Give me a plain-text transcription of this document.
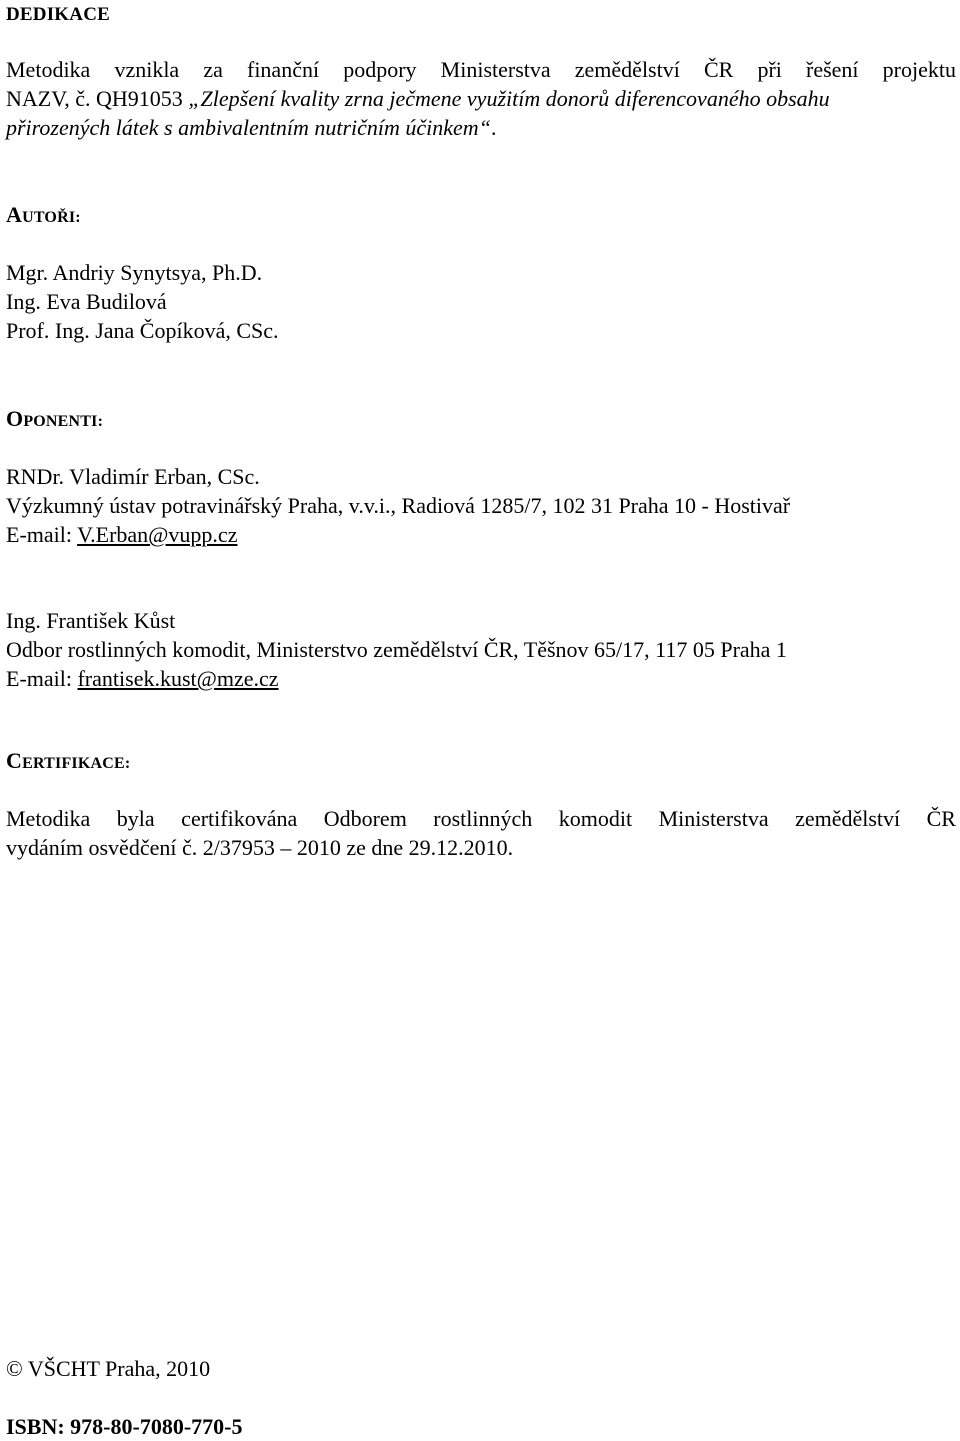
DEDIKACE
Metodika vznikla za finanční podpory Ministerstva zemědělství ČR při řešení projektu
NAZV, č. QH91053 „Zlepšení kvality zrna ječmene využitím donorů diferencovaného obsahu
přirozených látek s ambivalentním nutričním účinkem“.
AUTOŘI:
Mgr. Andriy Synytsya, Ph.D.
Ing. Eva Budilová
Prof. Ing. Jana Čopíková, CSc.
OPONENTI:
RNDr. Vladimír Erban, CSc.
Výzkumný ústav potravinářský Praha, v.v.i., Radiová 1285/7, 102 31 Praha 10 - Hostivař
E-mail: V.Erban@vupp.cz
Ing. František Kůst
Odbor rostlinných komodit, Ministerstvo zemědělství ČR, Těšnov 65/17, 117 05 Praha 1
E-mail: frantisek.kust@mze.cz
CERTIFIKACE:
Metodika byla certifikována Odborem rostlinných komodit Ministerstva zemědělství ČR
vydáním osvědčení č. 2/37953 – 2010 ze dne 29.12.2010.
© VŠCHT Praha, 2010
ISBN: 978-80-7080-770-5
